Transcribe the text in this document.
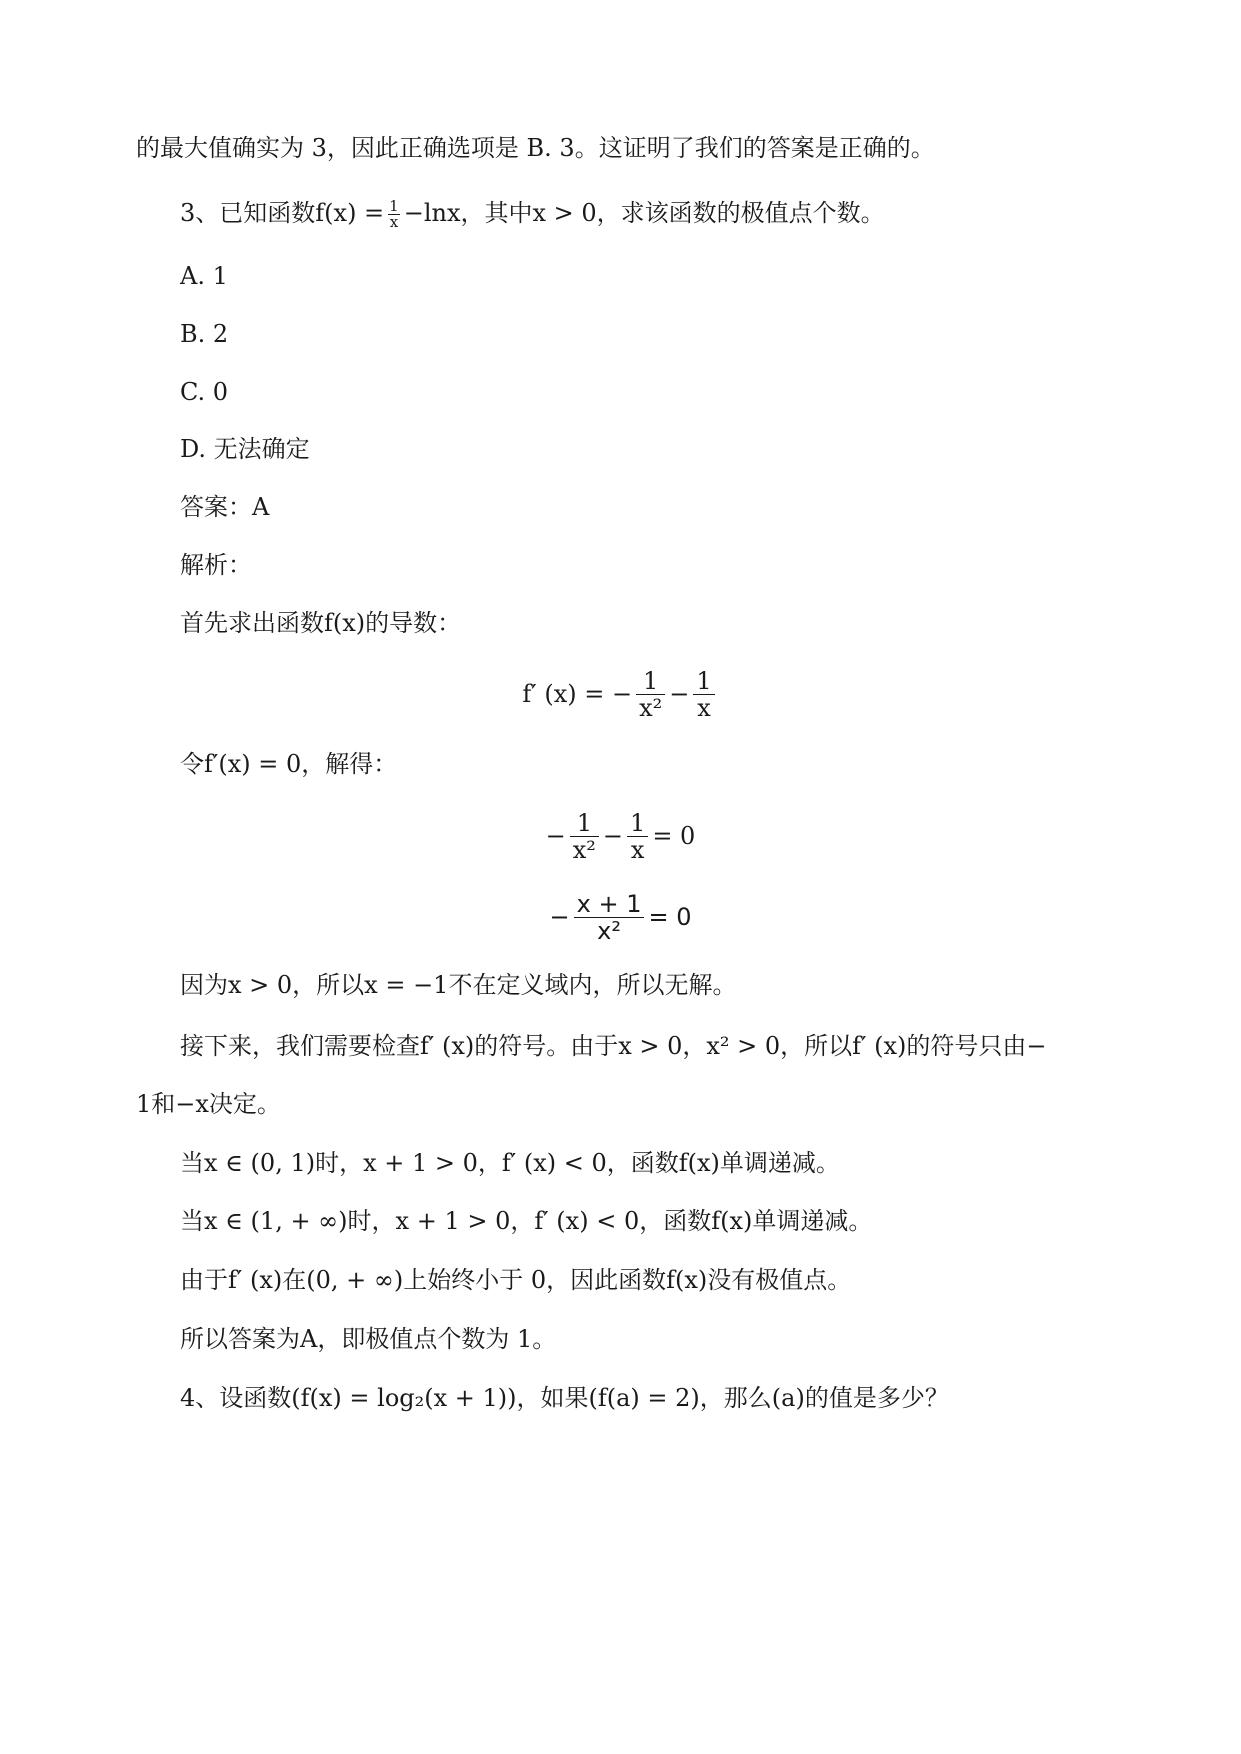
的最大值确实为 3，因此正确选项是 B. 3。这证明了我们的答案是正确的。
3、已知函数$f(x) = \frac{1}{x} -\ln x$，其中x > 0，求该函数的极值点个数。
A. 1
B. 2
C. 0
D. 无法确定
答案：A
解析：
首先求出函数f(x)的导数：
f′ (x) = − $\frac{1}{\text{x²}} - \frac{1}{x}$
令f′(x) = 0，解得：
− $\frac{1}{\text{x²}} - \frac{1}{x} = 0$
− $\frac{x + 1}{\text{x²}} = 0$
因为x > 0，所以x = −1不在定义域内，所以无解。
接下来，我们需要检查f′ (x)的符号。由于x > 0，x² > 0，所以f′ (x)的符号只由−
1和−x决定。
当x ∈ (0, 1)时，x + 1 > 0，f′ (x) < 0，函数f(x)单调递减。
当x ∈ (1, + ∞)时，x + 1 > 0，f′ (x) < 0，函数f(x)单调递减。
由于f′ (x)在(0, + ∞)上始终小于 0，因此函数f(x)没有极值点。
所以答案为A，即极值点个数为 1。
4、设函数(f(x) = log₂(x + 1))，如果(f(a) = 2)，那么(a)的值是多少？
